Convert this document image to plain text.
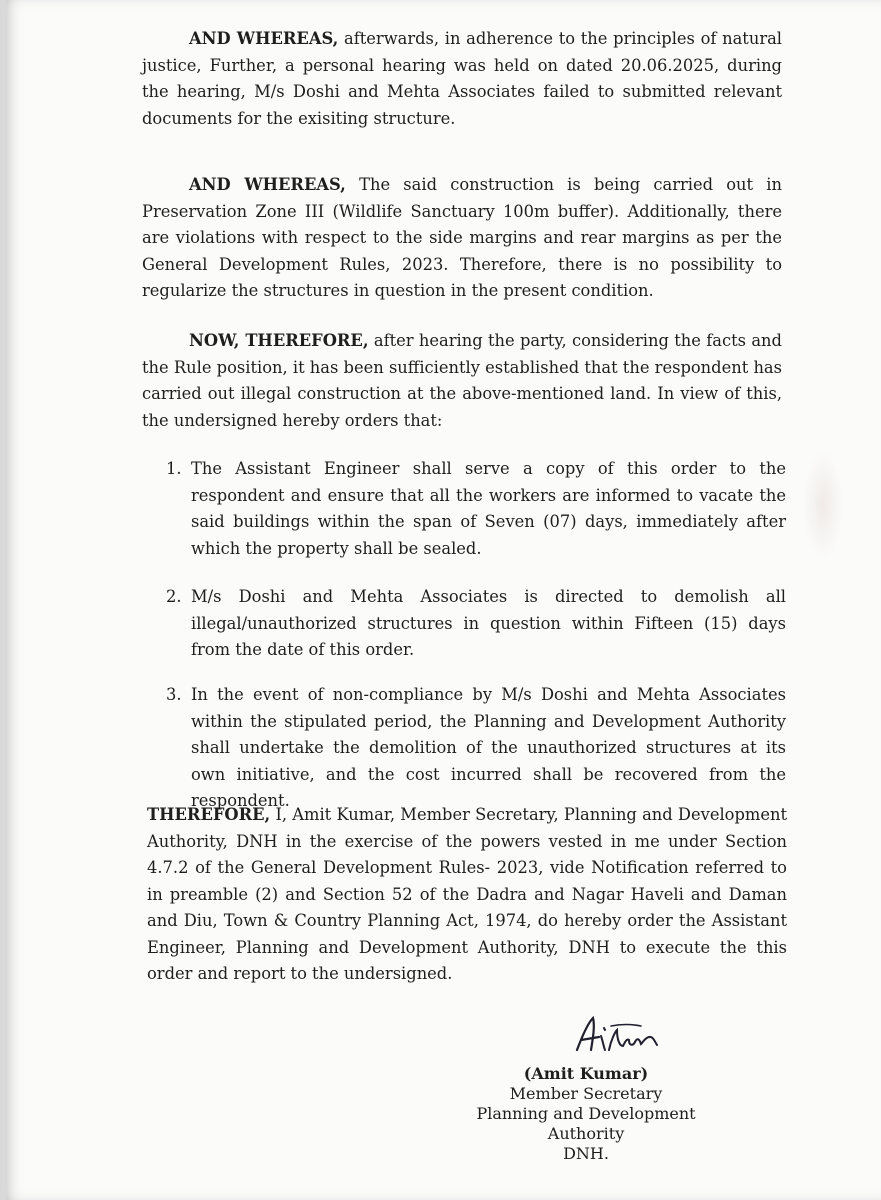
AND WHEREAS, afterwards, in adherence to the principles of natural justice, Further, a personal hearing was held on dated 20.06.2025, during the hearing, M/s Doshi and Mehta Associates failed to submitted relevant documents for the exisiting structure.
AND WHEREAS, The said construction is being carried out in Preservation Zone III (Wildlife Sanctuary 100m buffer). Additionally, there are violations with respect to the side margins and rear margins as per the General Development Rules, 2023. Therefore, there is no possibility to regularize the structures in question in the present condition.
NOW, THEREFORE, after hearing the party, considering the facts and the Rule position, it has been sufficiently established that the respondent has carried out illegal construction at the above-mentioned land. In view of this, the undersigned hereby orders that:
1. The Assistant Engineer shall serve a copy of this order to the respondent and ensure that all the workers are informed to vacate the said buildings within the span of Seven (07) days, immediately after which the property shall be sealed.
2. M/s Doshi and Mehta Associates is directed to demolish all illegal/unauthorized structures in question within Fifteen (15) days from the date of this order.
3. In the event of non-compliance by M/s Doshi and Mehta Associates within the stipulated period, the Planning and Development Authority shall undertake the demolition of the unauthorized structures at its own initiative, and the cost incurred shall be recovered from the respondent.
THEREFORE, I, Amit Kumar, Member Secretary, Planning and Development Authority, DNH in the exercise of the powers vested in me under Section 4.7.2 of the General Development Rules- 2023, vide Notification referred to in preamble (2) and Section 52 of the Dadra and Nagar Haveli and Daman and Diu, Town & Country Planning Act, 1974, do hereby order the Assistant Engineer, Planning and Development Authority, DNH to execute the this order and report to the undersigned.
(Amit Kumar)
Member Secretary
Planning and Development Authority
DNH.
